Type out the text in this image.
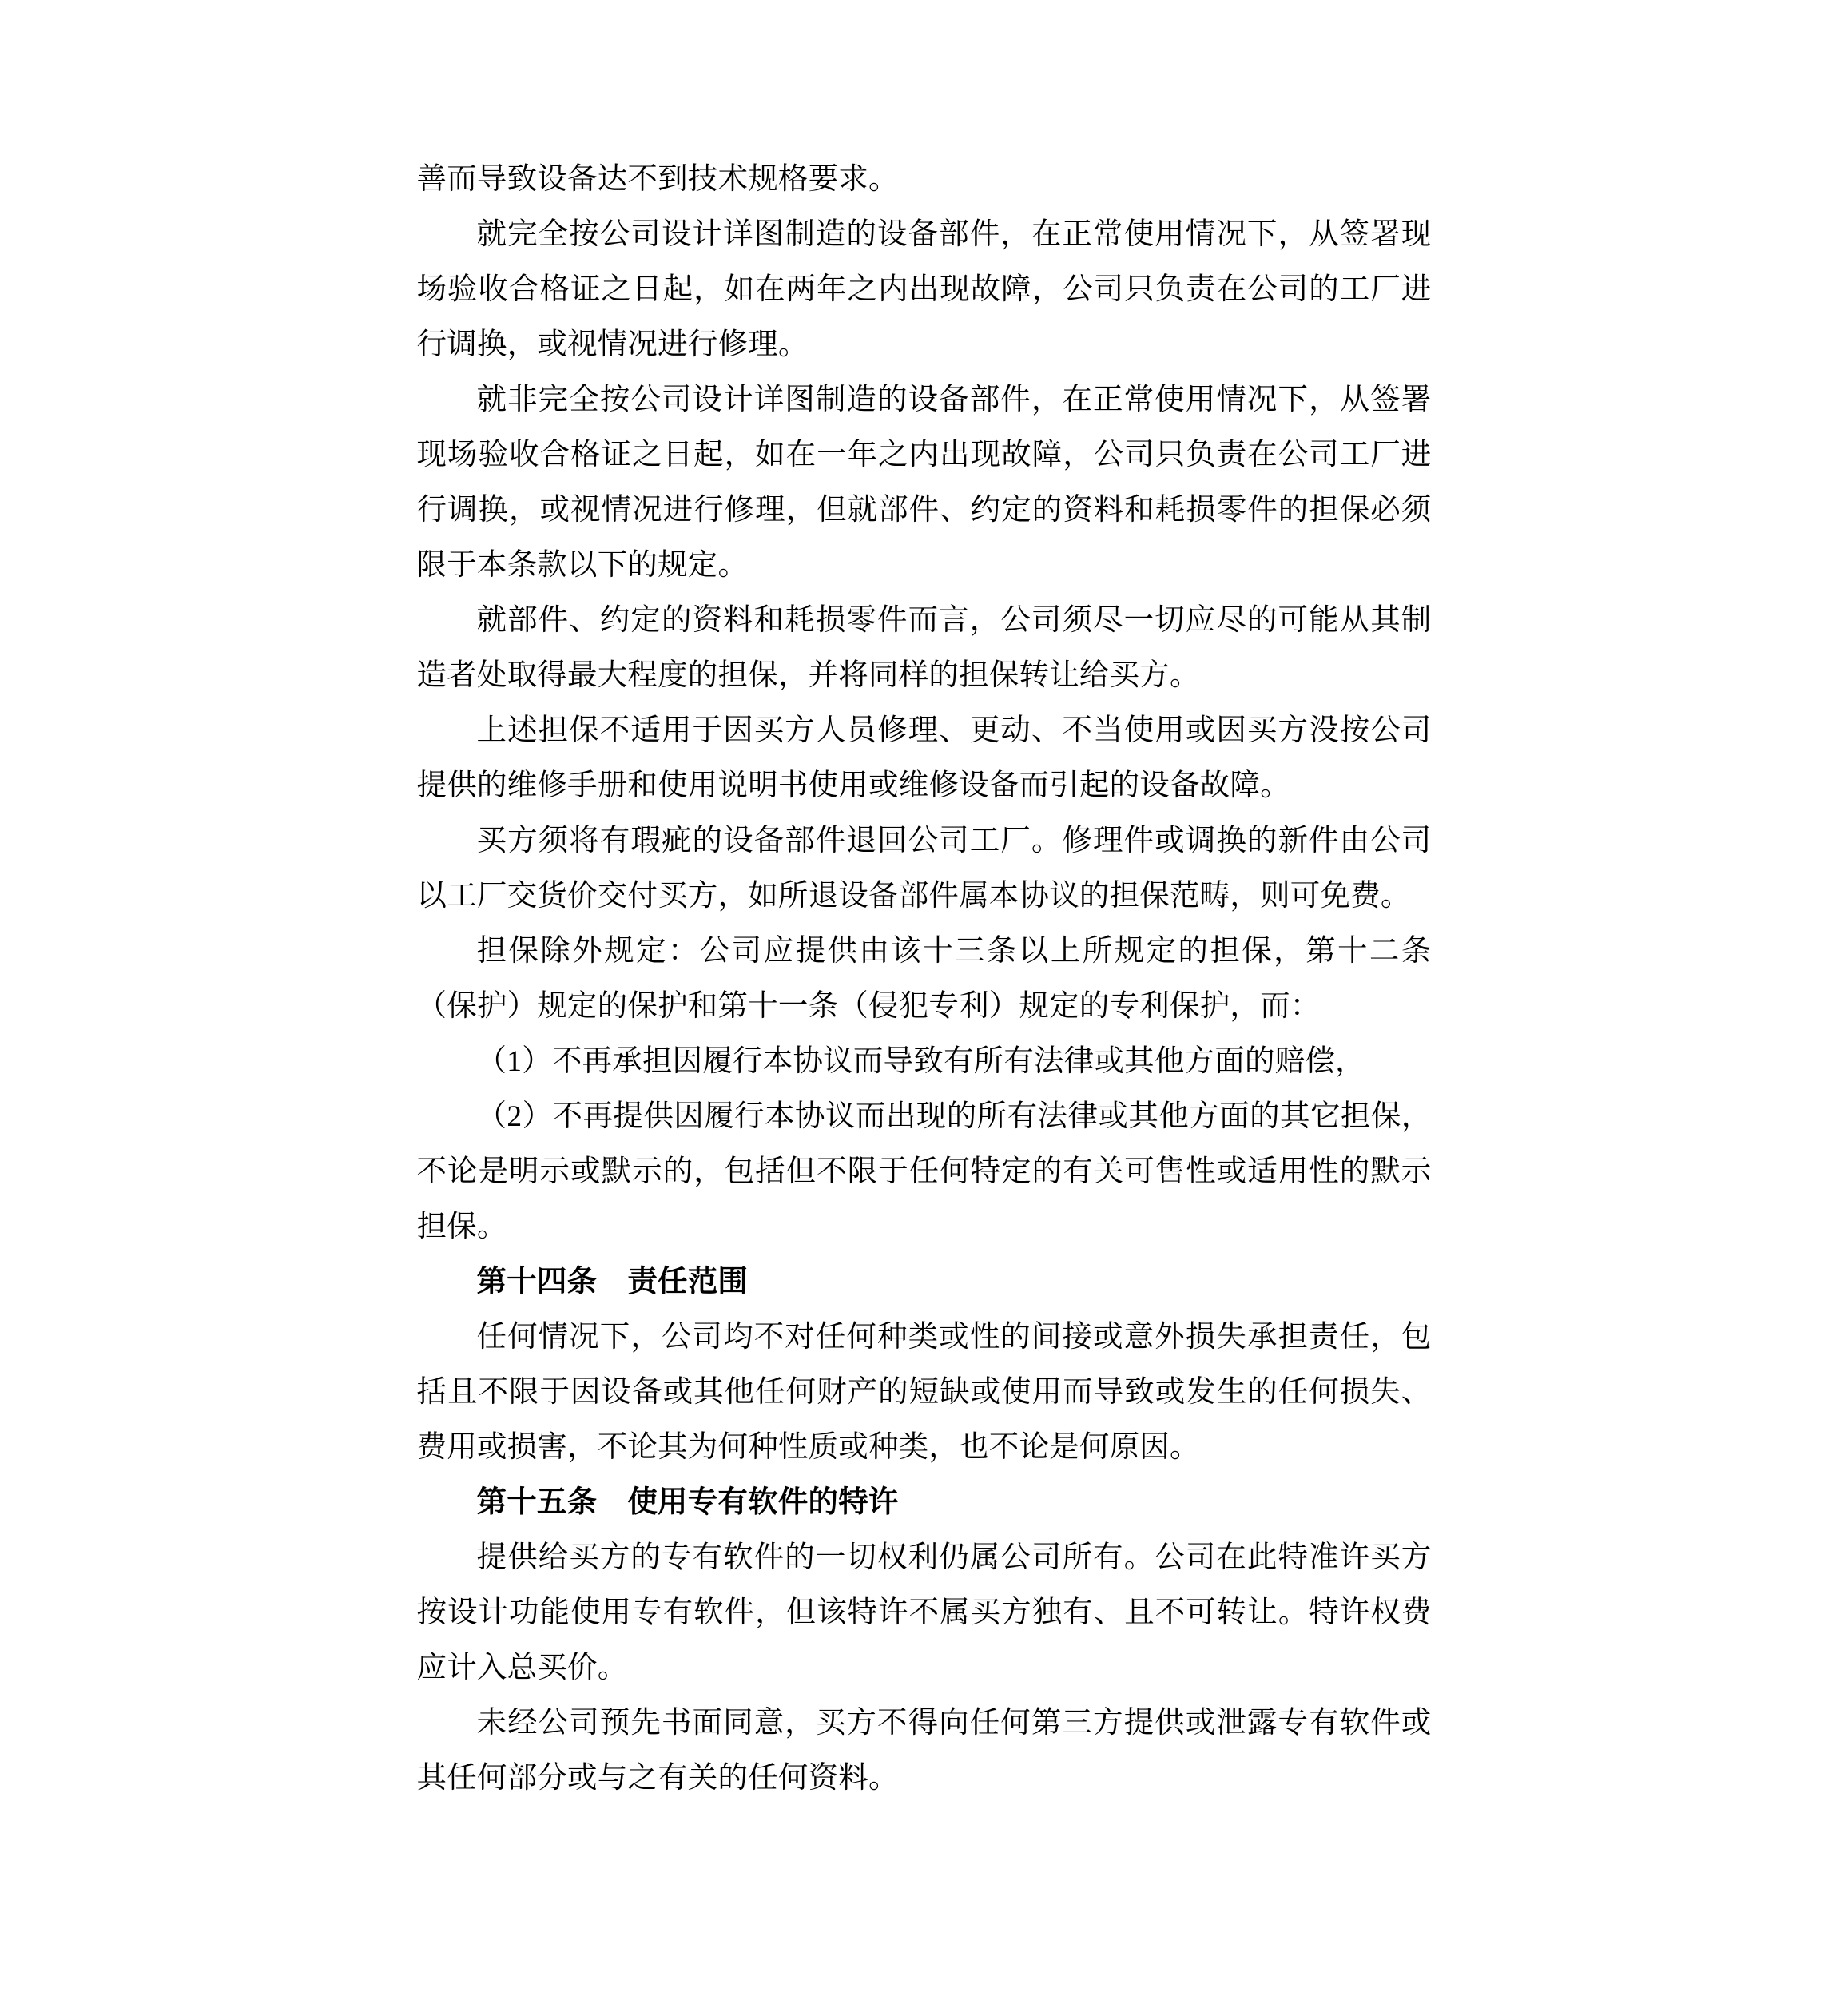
善而导致设备达不到技术规格要求。

就完全按公司设计详图制造的设备部件，在正常使用情况下，从签署现场验收合格证之日起，如在两年之内出现故障，公司只负责在公司的工厂进行调换，或视情况进行修理。

就非完全按公司设计详图制造的设备部件，在正常使用情况下，从签署现场验收合格证之日起，如在一年之内出现故障，公司只负责在公司工厂进行调换，或视情况进行修理，但就部件、约定的资料和耗损零件的担保必须限于本条款以下的规定。

就部件、约定的资料和耗损零件而言，公司须尽一切应尽的可能从其制造者处取得最大程度的担保，并将同样的担保转让给买方。

上述担保不适用于因买方人员修理、更动、不当使用或因买方没按公司提供的维修手册和使用说明书使用或维修设备而引起的设备故障。

买方须将有瑕疵的设备部件退回公司工厂。修理件或调换的新件由公司以工厂交货价交付买方，如所退设备部件属本协议的担保范畴，则可免费。

担保除外规定：公司应提供由该十三条以上所规定的担保，第十二条（保护）规定的保护和第十一条（侵犯专利）规定的专利保护，而：

（1）不再承担因履行本协议而导致有所有法律或其他方面的赔偿，

（2）不再提供因履行本协议而出现的所有法律或其他方面的其它担保，不论是明示或默示的，包括但不限于任何特定的有关可售性或适用性的默示担保。

第十四条 责任范围

任何情况下，公司均不对任何种类或性的间接或意外损失承担责任，包括且不限于因设备或其他任何财产的短缺或使用而导致或发生的任何损失、费用或损害，不论其为何种性质或种类，也不论是何原因。

第十五条 使用专有软件的特许

提供给买方的专有软件的一切权利仍属公司所有。公司在此特准许买方按设计功能使用专有软件，但该特许不属买方独有、且不可转让。特许权费应计入总买价。

未经公司预先书面同意，买方不得向任何第三方提供或泄露专有软件或其任何部分或与之有关的任何资料。
